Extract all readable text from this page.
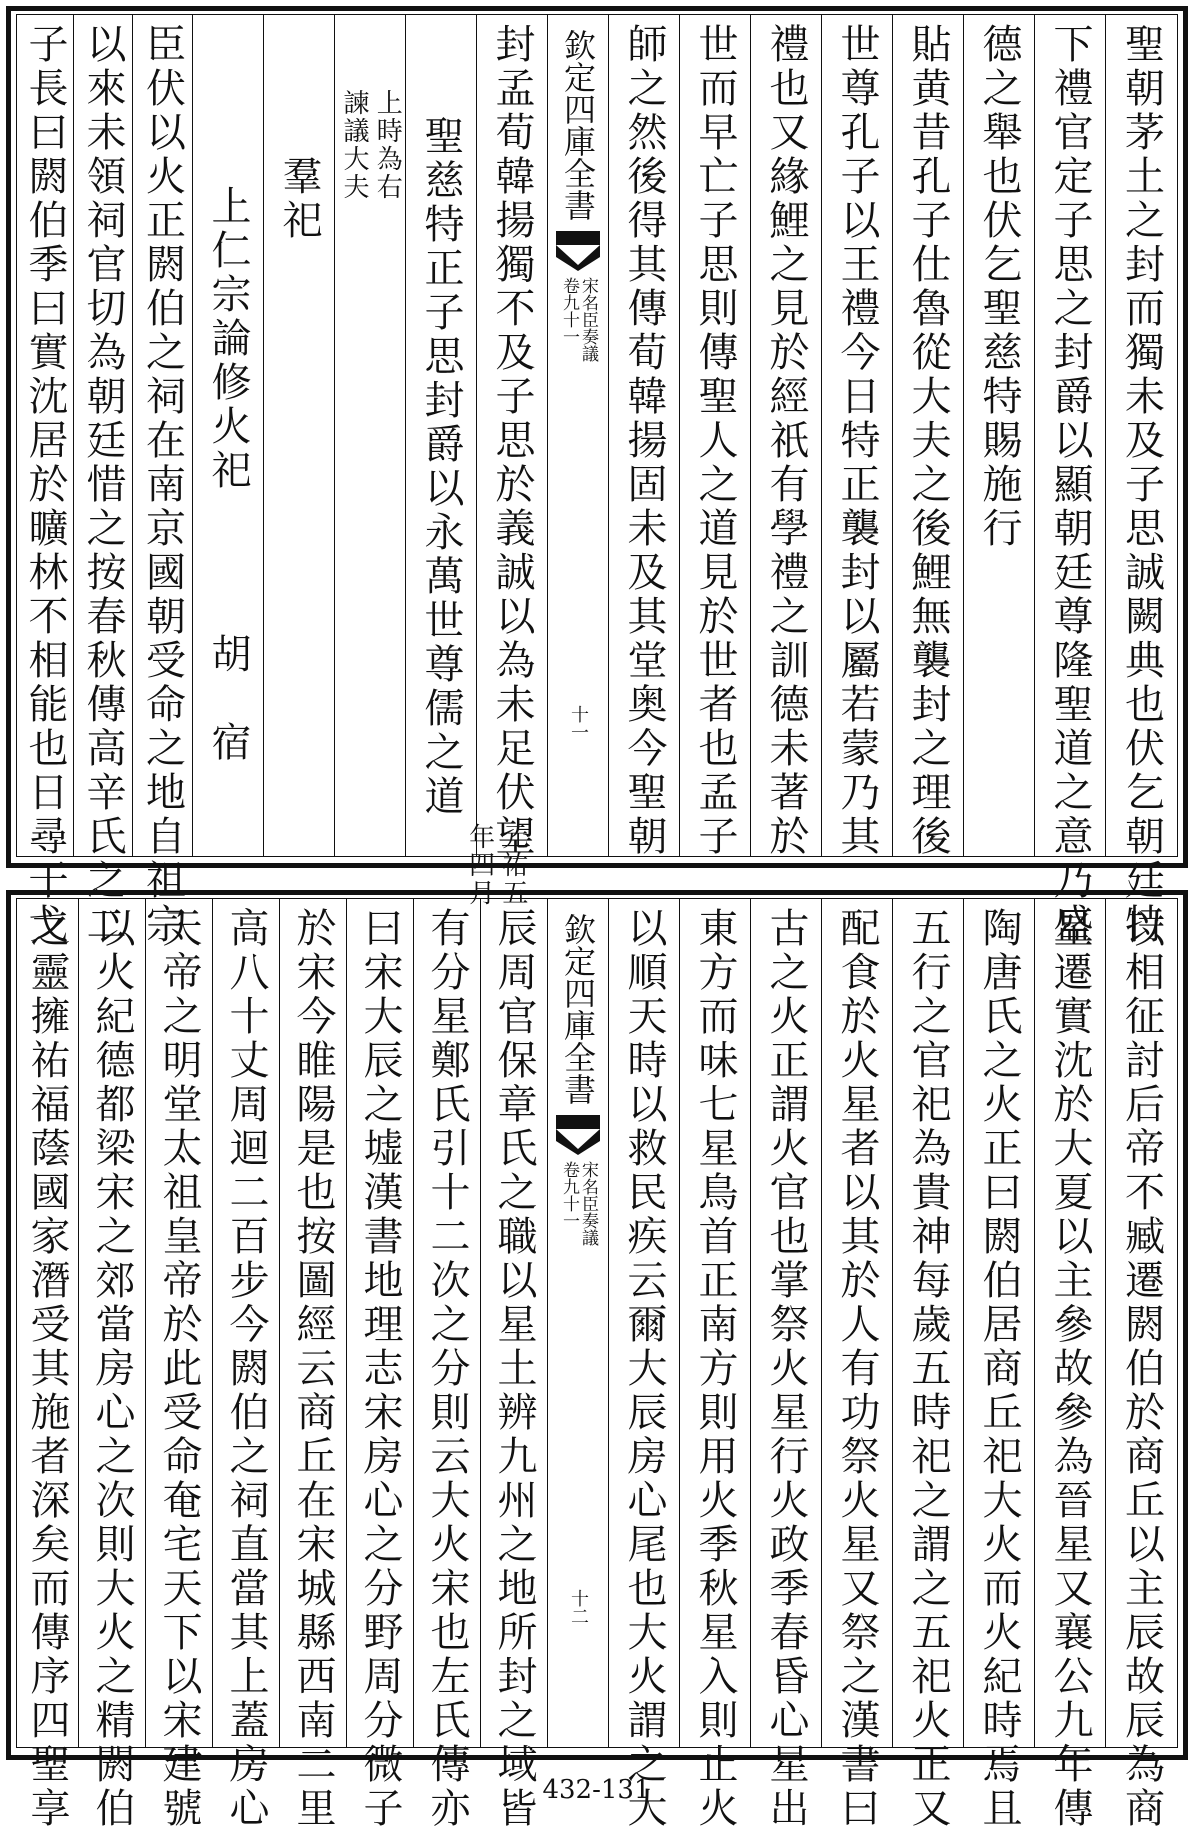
聖朝茅土之封而獨未及子思誠闕典也伏乞朝廷特
下禮官定子思之封爵以顯朝廷尊隆聖道之意乃盛
德之舉也伏乞聖慈特賜施行
貼黄昔孔子仕魯從大夫之後鯉無襲封之理後
世尊孔子以王禮今日特正襲封以屬若蒙乃其
禮也又緣鯉之見於經祇有學禮之訓德未著於
世而早亡子思則傳聖人之道見於世者也孟子
師之然後得其傳荀韓揚固未及其堂奥今聖朝
欽定四庫全書
宋名臣奏議
卷九十一
十一
封孟荀韓揚獨不及子思於義誠以為未足伏望
聖慈特正子思封爵以永萬世尊儒之道
元祐五
年四月
上時為右
諫議大夫
羣祀
上仁宗論修火祀
胡　宿
臣伏以火正閼伯之祠在南京國朝受命之地自祖宗
以來未領祠官切為朝廷惜之按春秋傳高辛氏之二
子長曰閼伯季曰實沈居於曠林不相能也日尋干戈
以相征討后帝不臧遷閼伯於商丘以主辰故辰為商
星遷實沈於大夏以主參故參為晉星又襄公九年傳
陶唐氏之火正曰閼伯居商丘祀大火而火紀時焉且
五行之官祀為貴神每歲五時祀之謂之五祀火正又
配食於火星者以其於人有功祭火星又祭之漢書曰
古之火正謂火官也掌祭火星行火政季春昏心星出
東方而味七星鳥首正南方則用火季秋星入則止火
以順天時以救民疾云爾大辰房心尾也大火謂之大
欽定四庫全書
宋名臣奏議
卷九十一
十二
辰周官保章氏之職以星土辨九州之地所封之域皆
有分星鄭氏引十二次之分則云大火宋也左氏傳亦
曰宋大辰之墟漢書地理志宋房心之分野周分微子
於宋今睢陽是也按圖經云商丘在宋城縣西南二里
高八十丈周迴二百步今閼伯之祠直當其上蓋房心
天帝之明堂太祖皇帝於此受命奄宅天下以宋建號
以火紀德都梁宋之郊當房心之次則大火之精閼伯
之靈擁祐福蔭國家潛受其施者深矣而傳序四聖享	432-131
